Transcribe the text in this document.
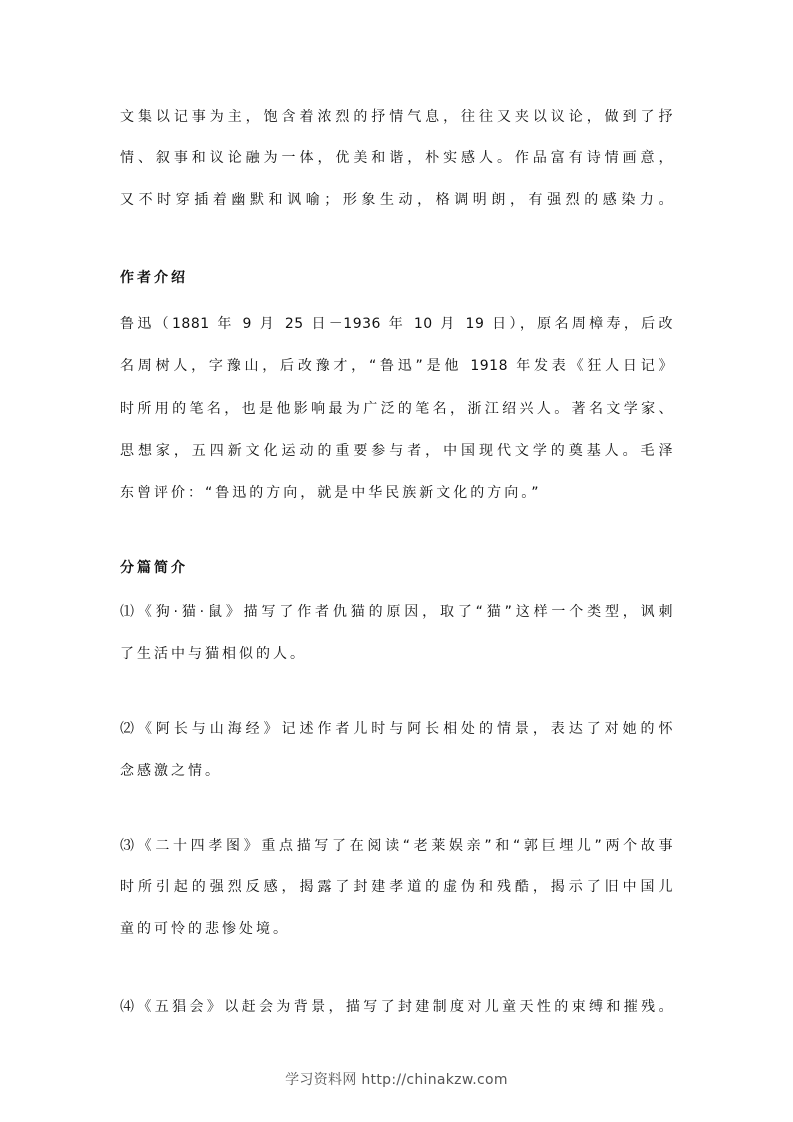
文集以记事为主，饱含着浓烈的抒情气息，往往又夹以议论，做到了抒
情、叙事和议论融为一体，优美和谐，朴实感人。作品富有诗情画意，
又不时穿插着幽默和讽喻；形象生动，格调明朗，有强烈的感染力。
作者介绍
鲁迅（1881 年 9 月 25 日－1936 年 10 月 19 日），原名周樟寿，后改
名周树人，字豫山，后改豫才，“鲁迅”是他 1918 年发表《狂人日记》
时所用的笔名，也是他影响最为广泛的笔名，浙江绍兴人。著名文学家、
思想家，五四新文化运动的重要参与者，中国现代文学的奠基人。毛泽
东曾评价：“鲁迅的方向，就是中华民族新文化的方向。”
分篇简介
⑴《狗·猫·鼠》描写了作者仇猫的原因，取了“猫”这样一个类型，讽刺
了生活中与猫相似的人。
⑵《阿长与山海经》记述作者儿时与阿长相处的情景，表达了对她的怀
念感激之情。
⑶《二十四孝图》重点描写了在阅读“老莱娱亲”和“郭巨埋儿”两个故事
时所引起的强烈反感，揭露了封建孝道的虚伪和残酷，揭示了旧中国儿
童的可怜的悲惨处境。
⑷《五猖会》以赶会为背景，描写了封建制度对儿童天性的束缚和摧残。
学习资料网 http://chinakzw.com
